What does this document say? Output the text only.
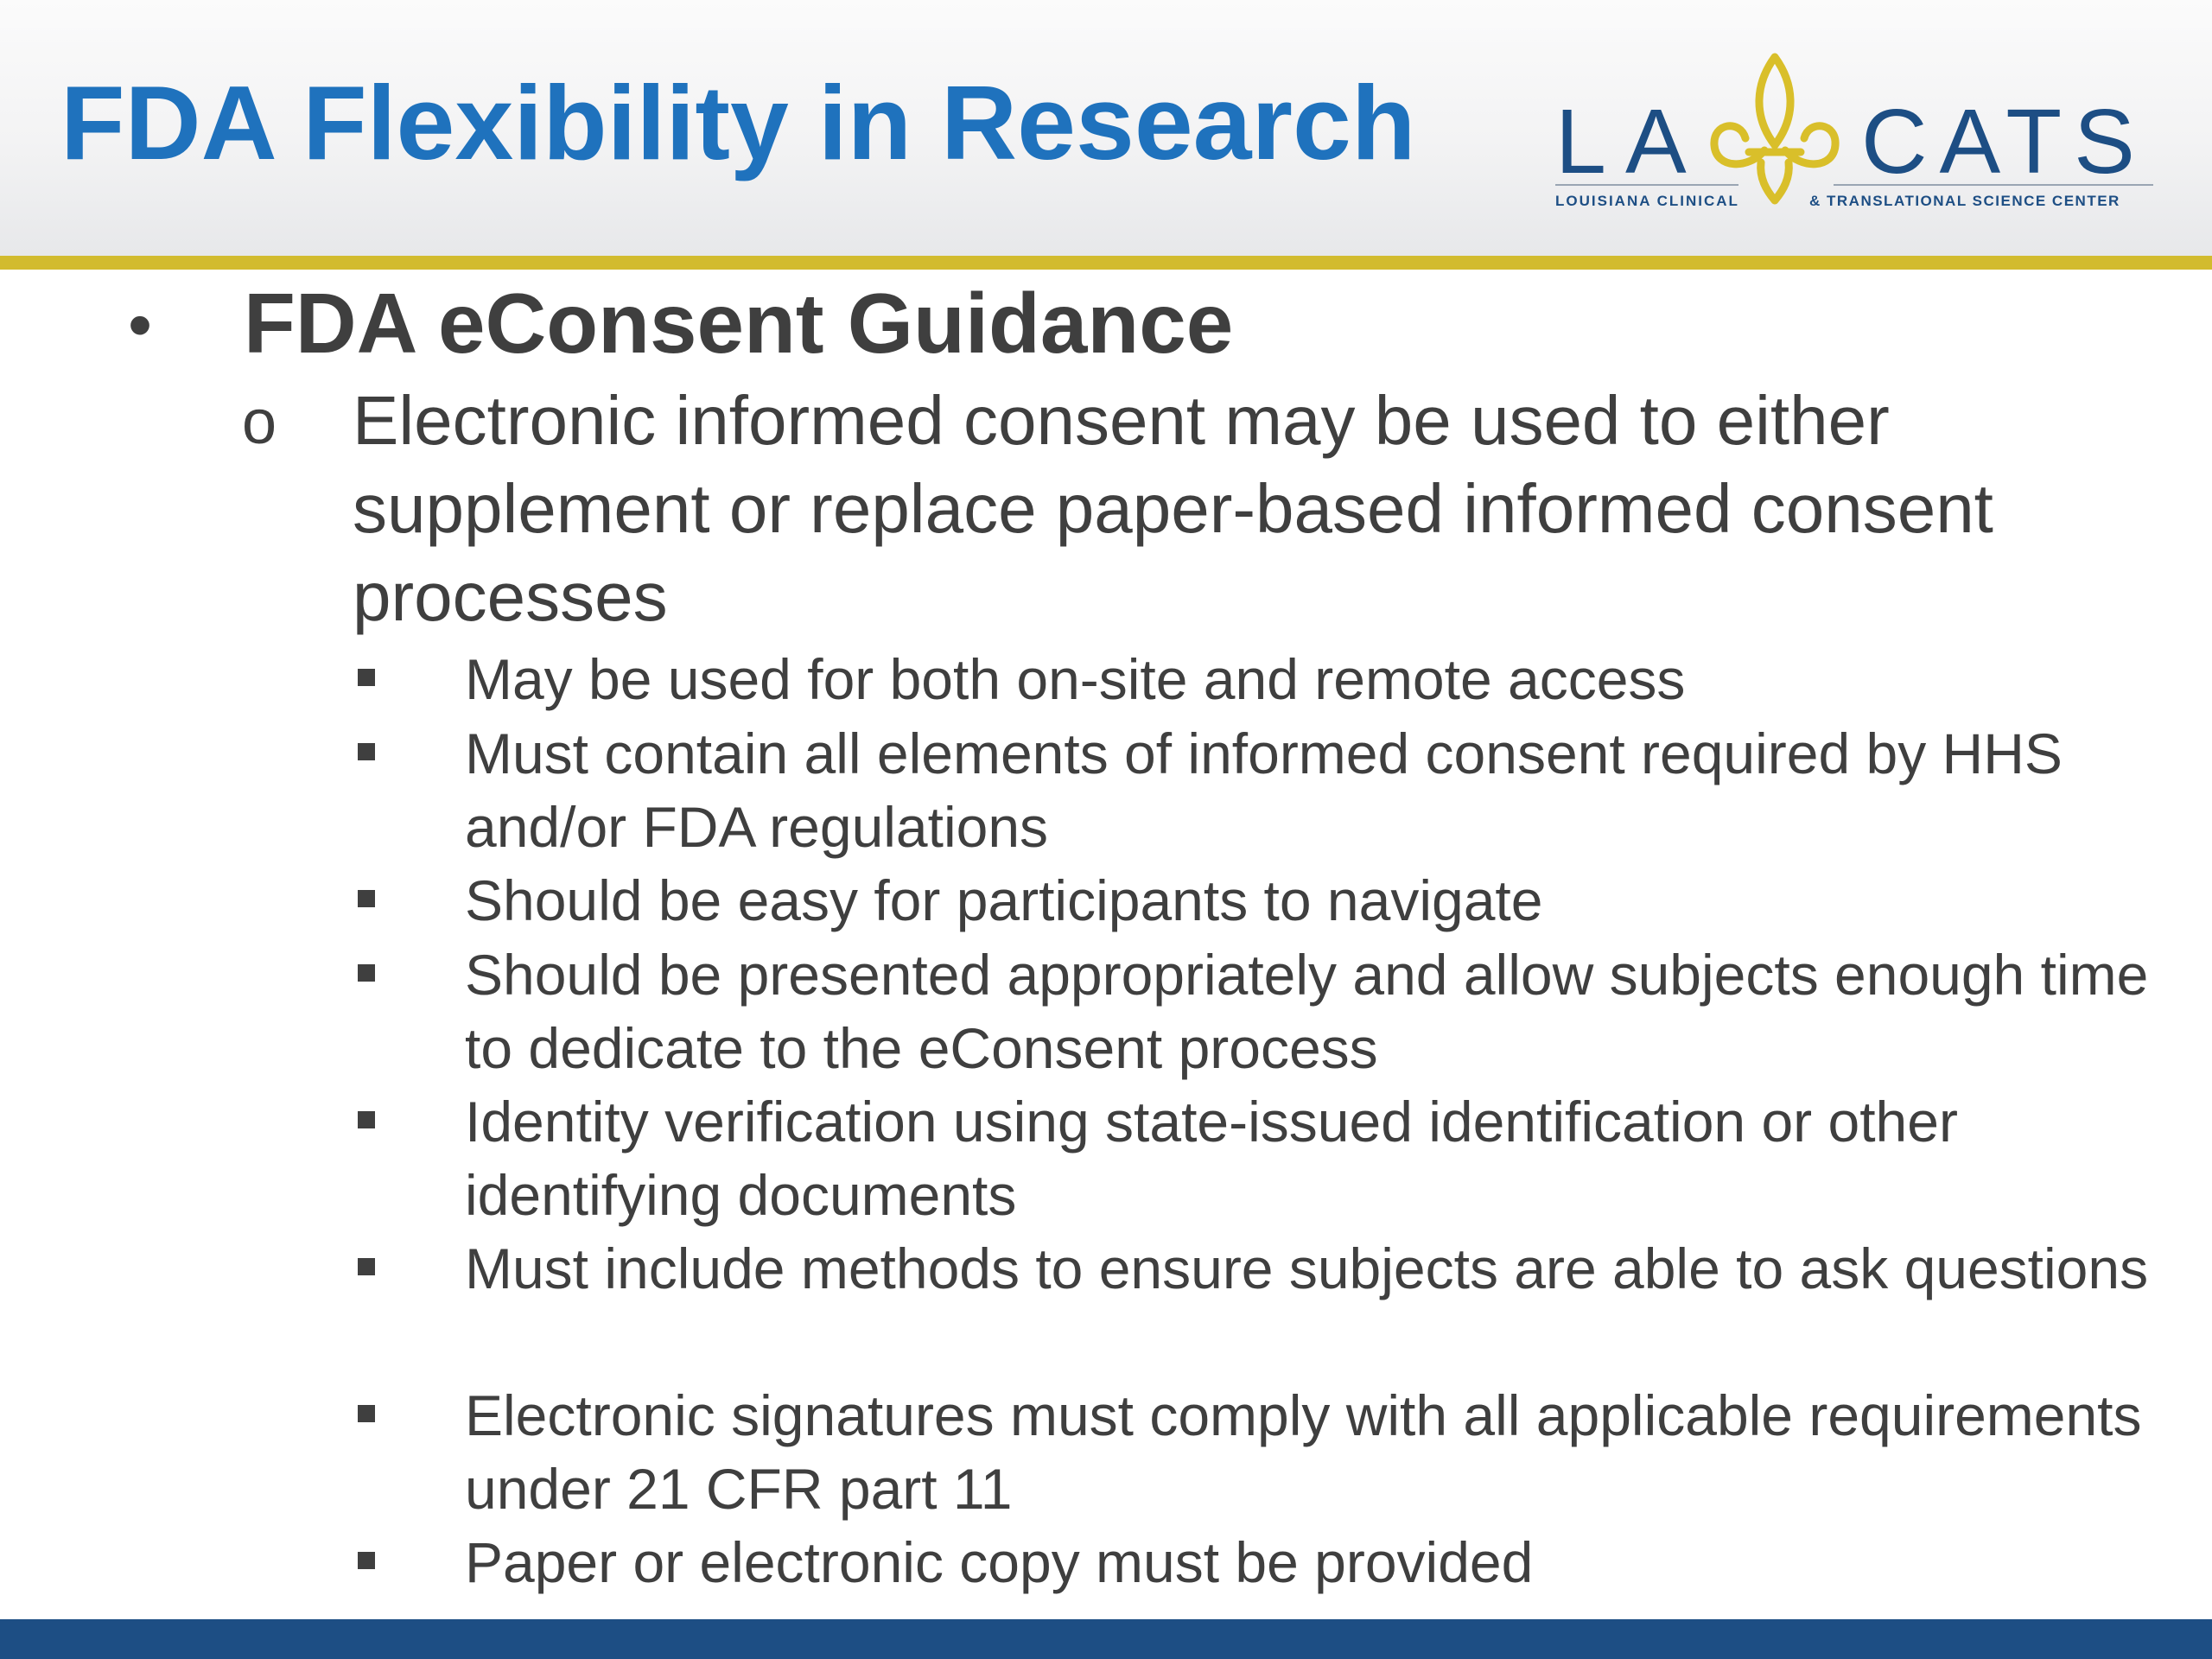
FDA Flexibility in Research LA CATS
LOUISIANA CLINICAL	& TRANSLATIONAL SCIENCE CENTER
• FDA eConsent Guidance
o Electronic informed consent may be used to either supplement or replace paper-based informed consent processes
May be used for both on-site and remote access
Must contain all elements of informed consent required by HHS and/or FDA regulations
Should be easy for participants to navigate
Should be presented appropriately and allow subjects enough time to dedicate to the eConsent process
Identity verification using state-issued identification or other identifying documents
Must include methods to ensure subjects are able to ask questions
Electronic signatures must comply with all applicable requirements under 21 CFR part 11
Paper or electronic copy must be provided
